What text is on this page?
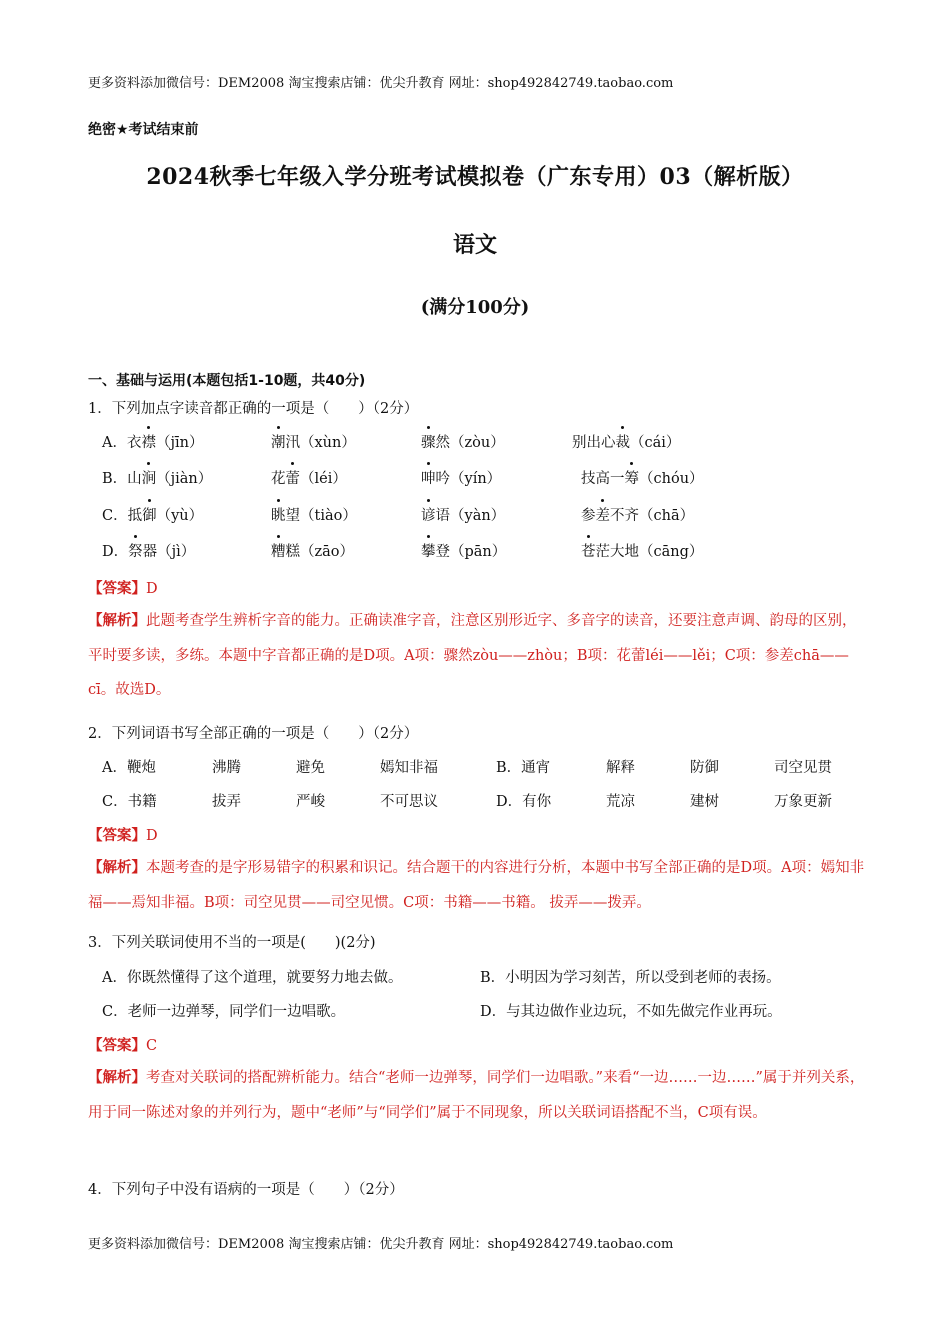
更多资料添加微信号：DEM2008 淘宝搜索店铺：优尖升教育 网址：shop492842749.taobao.com
绝密★考试结束前
2024秋季七年级入学分班考试模拟卷（广东专用）03（解析版）
语文
(满分100分)
一、基础与运用(本题包括1-10题，共40分)
1．下列加点字读音都正确的一项是（　　）（2分）
A．衣襟（jīn）	潮汛（xùn）	骤然（zòu）	别出心裁（cái）
B．山涧（jiàn）	花蕾（léi）	呻吟（yín）	技高一筹（chóu）
C．抵御（yù）	眺望（tiào）	谚语（yàn）	参差不齐（chā）
D．祭器（jì）	糟糕（zāo）	攀登（pān）	苍茫大地（cāng）
【答案】D
【解析】此题考查学生辨析字音的能力。正确读准字音，注意区别形近字、多音字的读音，还要注意声调、韵母的区别，平时要多读，多练。本题中字音都正确的是D项。A项：骤然zòu——zhòu；B项：花蕾léi——lěi；C项：参差chā——cī。故选D。
2．下列词语书写全部正确的一项是（　　）（2分）
A．鞭炮	沸腾	避免	嫣知非福	B．通宵	解释	防御	司空见贯
C．书籍	拔弄	严峻	不可思议	D．有你	荒凉	建树	万象更新
【答案】D
【解析】本题考查的是字形易错字的积累和识记。结合题干的内容进行分析，本题中书写全部正确的是D项。A项：嫣知非福——焉知非福。B项：司空见贯——司空见惯。C项：书籍——书籍。 拔弄——拨弄。
3．下列关联词使用不当的一项是(　　)(2分)
A．你既然懂得了这个道理，就要努力地去做。	B．小明因为学习刻苦，所以受到老师的表扬。
C．老师一边弹琴，同学们一边唱歌。	D．与其边做作业边玩，不如先做完作业再玩。
【答案】C
【解析】考查对关联词的搭配辨析能力。结合“老师一边弹琴，同学们一边唱歌。”来看“一边……一边……”属于并列关系，用于同一陈述对象的并列行为，题中“老师”与“同学们”属于不同现象，所以关联词语搭配不当，C项有误。
4．下列句子中没有语病的一项是（　　）（2分）
更多资料添加微信号：DEM2008 淘宝搜索店铺：优尖升教育 网址：shop492842749.taobao.com
